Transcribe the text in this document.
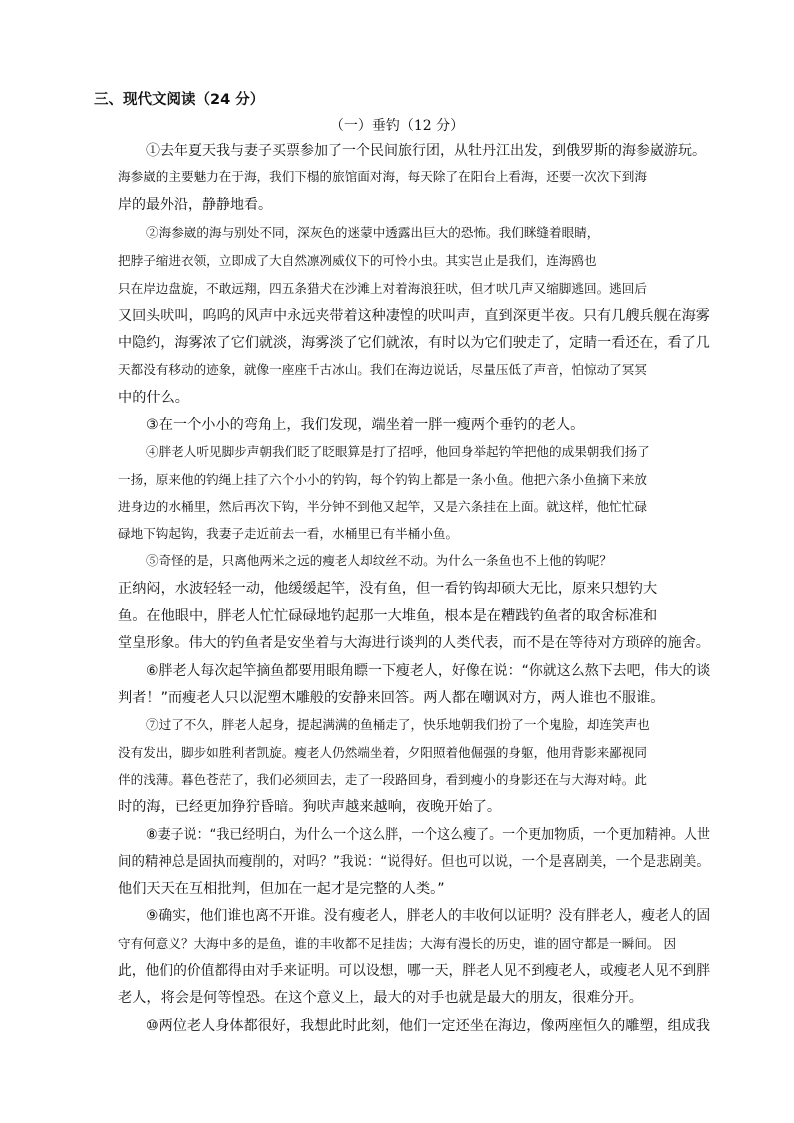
三、现代文阅读（24 分）
（一）垂钓（12 分）
①去年夏天我与妻子买票参加了一个民间旅行团，从牡丹江出发，到俄罗斯的海参崴游玩。
海参崴的主要魅力在于海，我们下榻的旅馆面对海，每天除了在阳台上看海，还要一次次下到海
岸的最外沿，静静地看。
②海参崴的海与别处不同，深灰色的迷蒙中透露出巨大的恐怖。我们眯缝着眼睛，
把脖子缩进衣领，立即成了大自然凛冽威仪下的可怜小虫。其实岂止是我们，连海鸥也
只在岸边盘旋，不敢远翔，四五条猎犬在沙滩上对着海浪狂吠，但才吠几声又缩脚逃回。逃回后
又回头吠叫，呜呜的风声中永远夹带着这种凄惶的吠叫声，直到深更半夜。只有几艘兵舰在海雾
中隐约，海雾浓了它们就淡，海雾淡了它们就浓，有时以为它们驶走了，定睛一看还在，看了几
天都没有移动的迹象，就像一座座千古冰山。我们在海边说话，尽量压低了声音，怕惊动了冥冥
中的什么。
③在一个小小的弯角上，我们发现，端坐着一胖一瘦两个垂钓的老人。
④胖老人听见脚步声朝我们眨了眨眼算是打了招呼，他回身举起钓竿把他的成果朝我们扬了
一扬，原来他的钓绳上挂了六个小小的钓钩，每个钓钩上都是一条小鱼。他把六条小鱼摘下来放
进身边的水桶里，然后再次下钩，半分钟不到他又起竿，又是六条挂在上面。就这样，他忙忙碌
碌地下钩起钩，我妻子走近前去一看，水桶里已有半桶小鱼。
⑤奇怪的是，只离他两米之远的瘦老人却纹丝不动。为什么一条鱼也不上他的钩呢？
正纳闷，水波轻轻一动，他缓缓起竿，没有鱼，但一看钓钩却硕大无比，原来只想钓大
鱼。在他眼中，胖老人忙忙碌碌地钓起那一大堆鱼，根本是在糟践钓鱼者的取舍标准和
堂皇形象。伟大的钓鱼者是安坐着与大海进行谈判的人类代表，而不是在等待对方琐碎的施舍。
⑥胖老人每次起竿摘鱼都要用眼角瞟一下瘦老人，好像在说：“你就这么熬下去吧，伟大的谈
判者！”而瘦老人只以泥塑木雕般的安静来回答。两人都在嘲讽对方，两人谁也不服谁。
⑦过了不久，胖老人起身，提起满满的鱼桶走了，快乐地朝我们扮了一个鬼脸，却连笑声也
没有发出，脚步如胜利者凯旋。瘦老人仍然端坐着，夕阳照着他倔强的身躯，他用背影来鄙视同
伴的浅薄。暮色苍茫了，我们必须回去，走了一段路回身，看到瘦小的身影还在与大海对峙。此
时的海，已经更加狰狞昏暗。狗吠声越来越响，夜晚开始了。
⑧妻子说：“我已经明白，为什么一个这么胖，一个这么瘦了。一个更加物质，一个更加精神。人世
间的精神总是固执而瘦削的，对吗？”我说：“说得好。但也可以说，一个是喜剧美，一个是悲剧美。
他们天天在互相批判，但加在一起才是完整的人类。”
⑨确实，他们谁也离不开谁。没有瘦老人，胖老人的丰收何以证明？没有胖老人，瘦老人的固
守有何意义？大海中多的是鱼，谁的丰收都不足挂齿；大海有漫长的历史，谁的固守都是一瞬间。 因
此，他们的价值都得由对手来证明。可以设想，哪一天，胖老人见不到瘦老人，或瘦老人见不到胖
老人，将会是何等惶恐。在这个意义上，最大的对手也就是最大的朋友，很难分开。
⑩两位老人身体都很好，我想此时此刻，他们一定还坐在海边，像两座恒久的雕塑，组成我
